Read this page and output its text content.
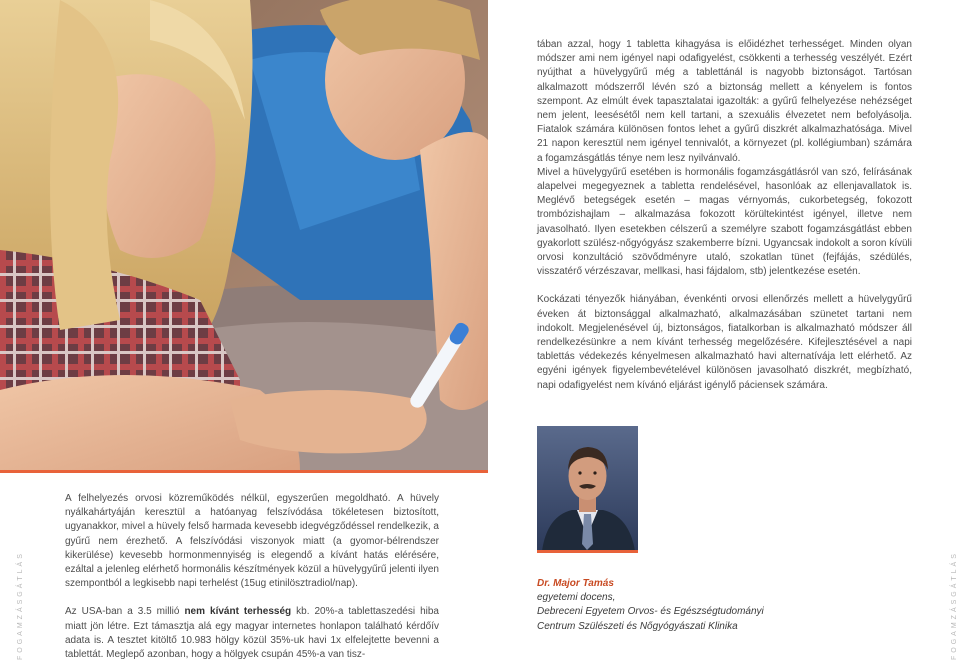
tában azzal, hogy 1 tabletta kihagyása is előidézhet terhességet. Minden olyan módszer ami nem igényel napi odafigyelést, csökkenti a terhesség veszélyét. Ezért nyújthat a hüvelygyűrű még a tablettánál is nagyobb biztonságot. Tartósan alkalmazott módszerről lévén szó a biztonság mellett a kényelem is fontos szempont. Az elmúlt évek tapasztalatai igazolták: a gyűrű felhelyezése nehézséget nem jelent, leesésétől nem kell tartani, a szexuális élvezetet nem befolyásolja. Fiatalok számára különösen fontos lehet a gyűrű diszkrét alkalmazhatósága. Mivel 21 napon keresztül nem igényel tennivalót, a környezet (pl. kollégiumban) számára a fogamzásgátlás ténye nem lesz nyilvánvaló.

Mivel a hüvelygyűrű esetében is hormonális fogamzásgátlásról van szó, felírásának alapelvei megegyeznek a tabletta rendelésével, hasonlóak az ellenjavallatok is. Meglévő betegségek esetén – magas vérnyomás, cukorbetegség, fokozott trombózishajlam – alkalmazása fokozott körültekintést igényel, illetve nem javasolható. Ilyen esetekben célszerű a személyre szabott fogamzásgátlást ebben gyakorlott szülész-nőgyógyász szakemberre bízni. Ugyancsak indokolt a soron kívüli orvosi konzultáció szövődményre utaló, szokatlan tünet (fejfájás, szédülés, visszatérő vérzészavar, mellkasi, hasi fájdalom, stb) jelentkezése esetén.

Kockázati tényezők hiányában, évenkénti orvosi ellenőrzés mellett a hüvelygyűrű éveken át biztonsággal alkalmazható, alkalmazásában szünetet tartani nem indokolt. Megjelenésével új, biztonságos, fiatalkorban is alkalmazható módszer áll rendelkezésünkre a nem kívánt terhesség megelőzésére. Kifejlesztésével a napi tablettás védekezés kényelmesen alkalmazható havi alternatívája lett elérhető. Az egyéni igények figyelembevételével különösen javasolható diszkrét, megbízható, napi odafigyelést nem kívánó eljárást igénylő páciensek számára.

Dr. Major Tamás
egyetemi docens,
Debreceni Egyetem Orvos- és Egészségtudományi
Centrum Szülészeti és Nőgyógyászati Klinika

A felhelyezés orvosi közreműködés nélkül, egyszerűen megoldható. A hüvely nyálkahártyáján keresztül a hatóanyag felszívódása tökéletesen biztosított, ugyanakkor, mivel a hüvely felső harmada kevesebb idegvégződéssel rendelkezik, a gyűrű nem érezhető. A felszívódási viszonyok miatt (a gyomor-bélrendszer kikerülése) kevesebb hormonmennyiség is elegendő a kívánt hatás elérésére, ezáltal a jelenleg elérhető hormonális készítmények közül a hüvelygyűrű jelenti ilyen szempontból a legkisebb napi terhelést (15ug etinilösztradiol/nap).

Az USA-ban a 3.5 millió nem kívánt terhesség kb. 20%-a tablettaszedési hiba miatt jön létre. Ezt támasztja alá egy magyar internetes honlapon található kérdőív adata is. A tesztet kitöltő 10.983 hölgy közül 35%-uk havi 1x elfelejtette bevenni a tablettát. Meglepő azonban, hogy a hölgyek csupán 45%-a van tisz-

FOGAMZÁSGÁTLÁS	FOGAMZÁSGÁTLÁS
